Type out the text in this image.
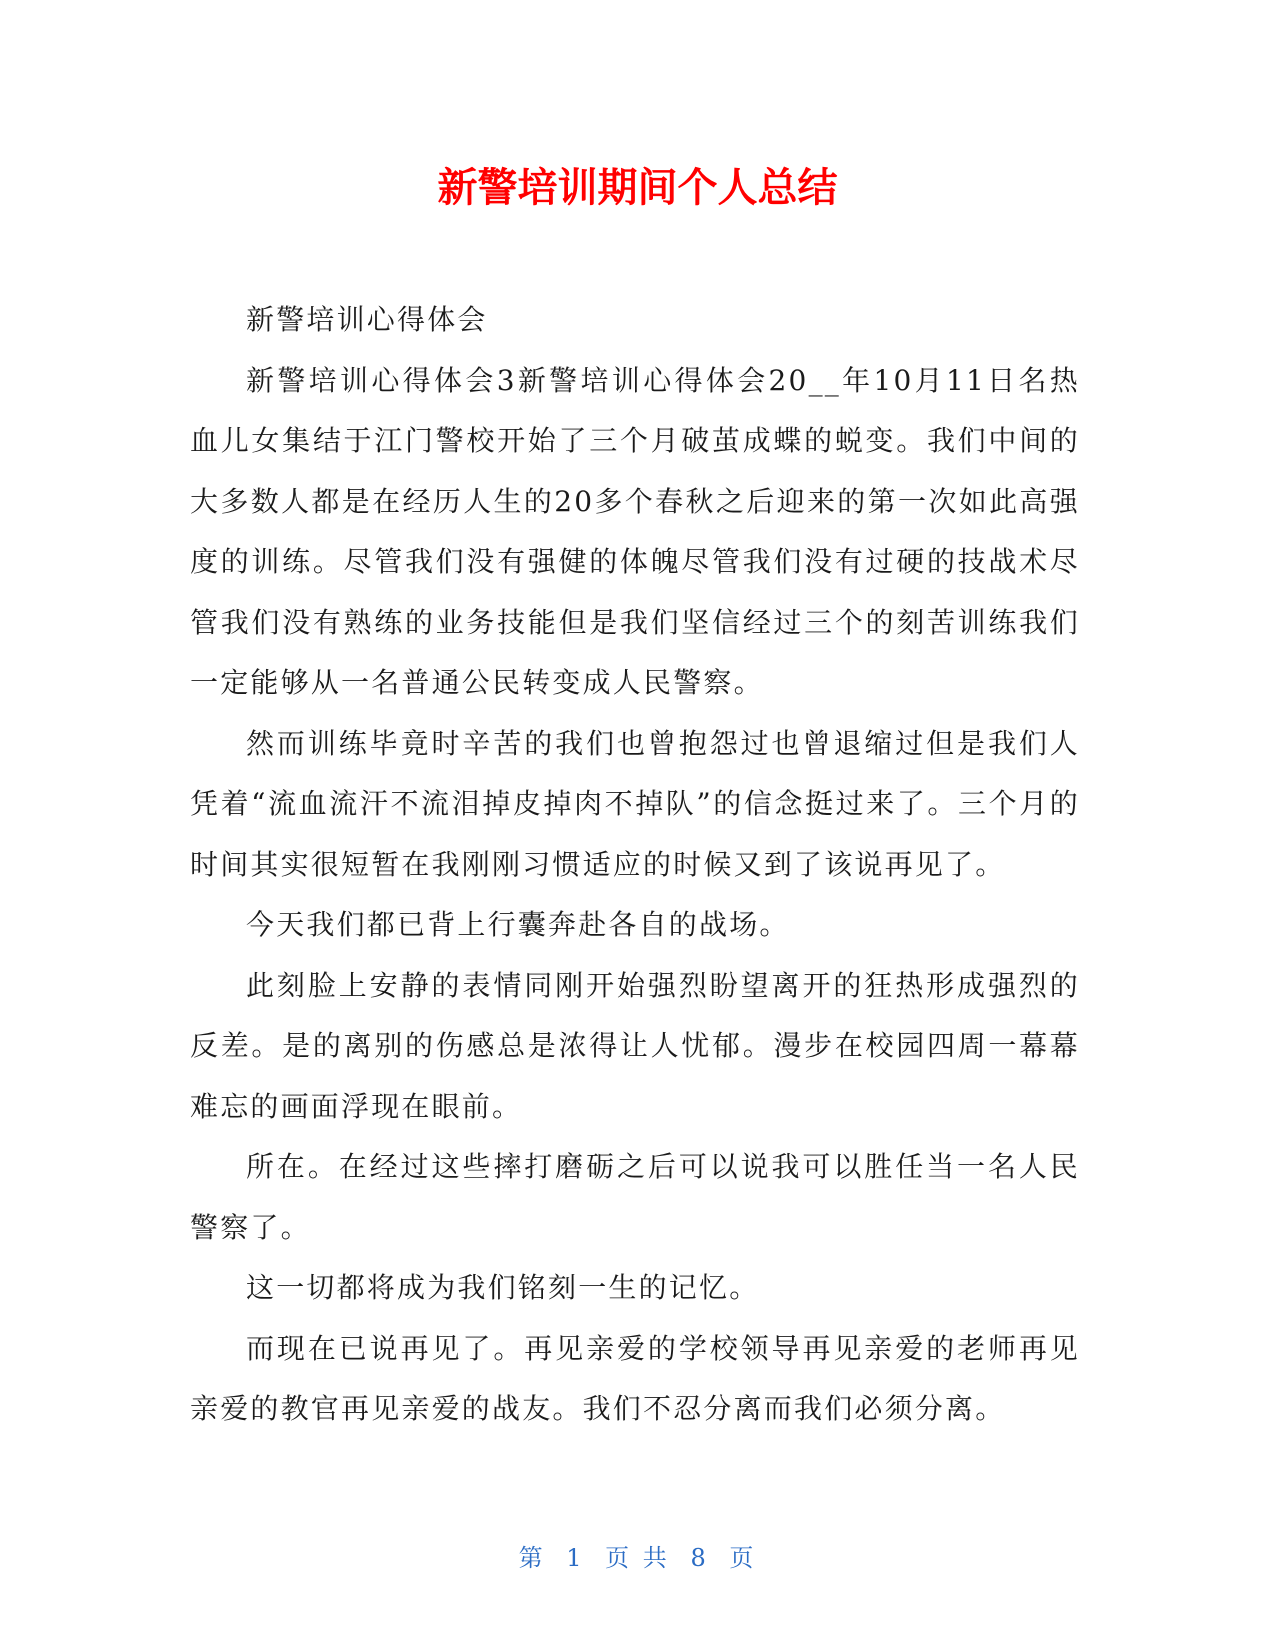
新警培训期间个人总结

新警培训心得体会

新警培训心得体会3新警培训心得体会20__年10月11日名热血儿女集结于江门警校开始了三个月破茧成蝶的蜕变。我们中间的大多数人都是在经历人生的20多个春秋之后迎来的第一次如此高强度的训练。尽管我们没有强健的体魄尽管我们没有过硬的技战术尽管我们没有熟练的业务技能但是我们坚信经过三个的刻苦训练我们一定能够从一名普通公民转变成人民警察。

然而训练毕竟时辛苦的我们也曾抱怨过也曾退缩过但是我们人凭着“流血流汗不流泪掉皮掉肉不掉队”的信念挺过来了。三个月的时间其实很短暂在我刚刚习惯适应的时候又到了该说再见了。

今天我们都已背上行囊奔赴各自的战场。

此刻脸上安静的表情同刚开始强烈盼望离开的狂热形成强烈的反差。是的离别的伤感总是浓得让人忧郁。漫步在校园四周一幕幕难忘的画面浮现在眼前。

所在。在经过这些摔打磨砺之后可以说我可以胜任当一名人民警察了。

这一切都将成为我们铭刻一生的记忆。

而现在已说再见了。再见亲爱的学校领导再见亲爱的老师再见亲爱的教官再见亲爱的战友。我们不忍分离而我们必须分离。

第 1 页 共 8 页
